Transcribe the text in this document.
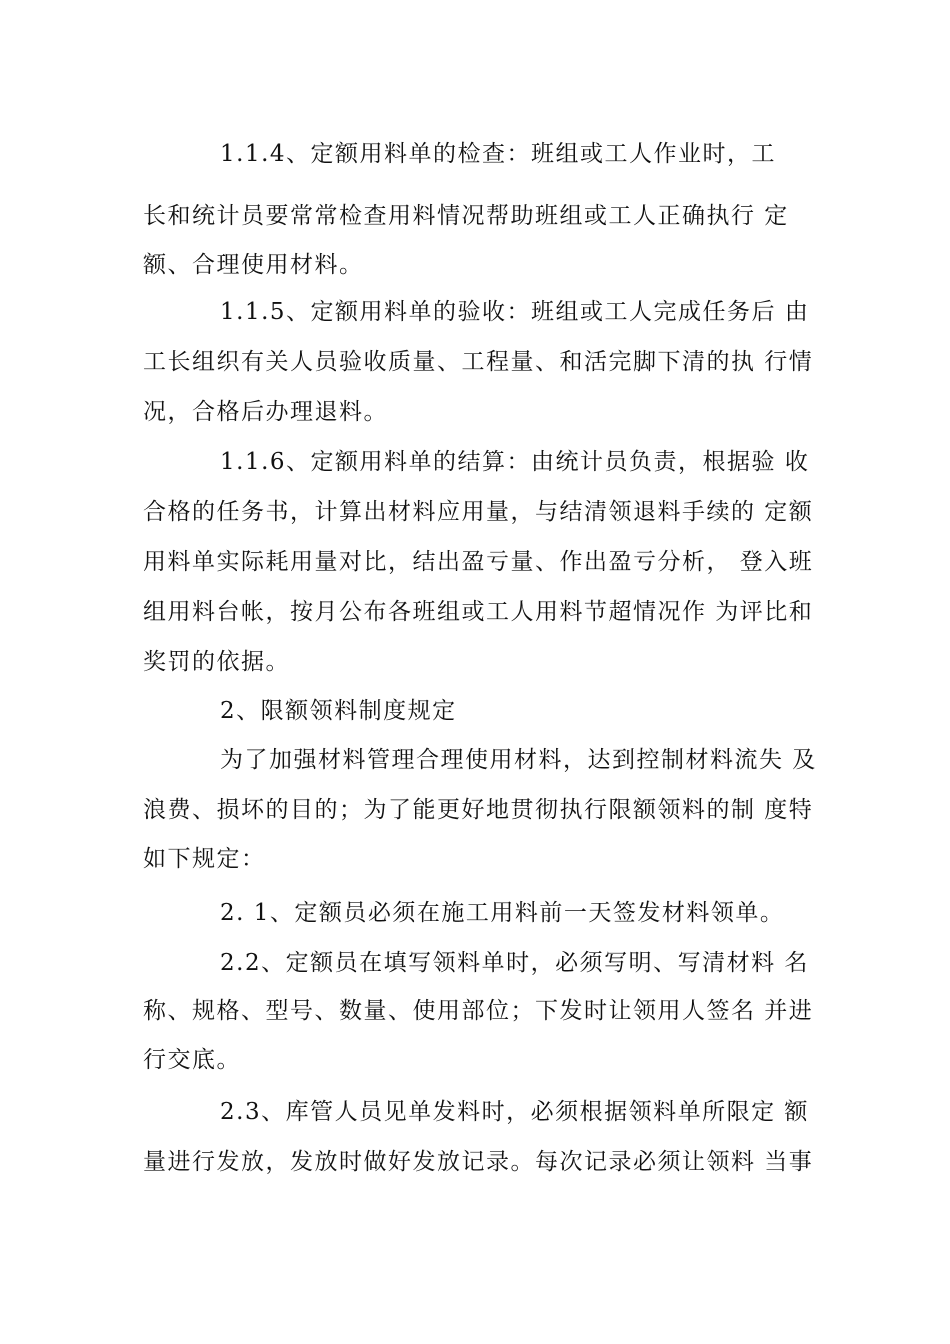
1.1.4、定额用料单的检查：班组或工人作业时，工
长和统计员要常常检查用料情况帮助班组或工人正确执行 定
额、合理使用材料。
1.1.5、定额用料单的验收：班组或工人完成任务后 由
工长组织有关人员验收质量、工程量、和活完脚下清的执 行情
况，合格后办理退料。
1.1.6、定额用料单的结算：由统计员负责，根据验 收
合格的任务书，计算出材料应用量，与结清领退料手续的 定额
用料单实际耗用量对比，结出盈亏量、作出盈亏分析， 登入班
组用料台帐，按月公布各班组或工人用料节超情况作 为评比和
奖罚的依据。
2、限额领料制度规定
为了加强材料管理合理使用材料，达到控制材料流失 及
浪费、损坏的目的；为了能更好地贯彻执行限额领料的制 度特
如下规定：
2. 1、定额员必须在施工用料前一天签发材料领单。
2.2、定额员在填写领料单时，必须写明、写清材料 名
称、规格、型号、数量、使用部位；下发时让领用人签名 并进
行交底。
2.3、库管人员见单发料时，必须根据领料单所限定 额
量进行发放，发放时做好发放记录。每次记录必须让领料 当事
